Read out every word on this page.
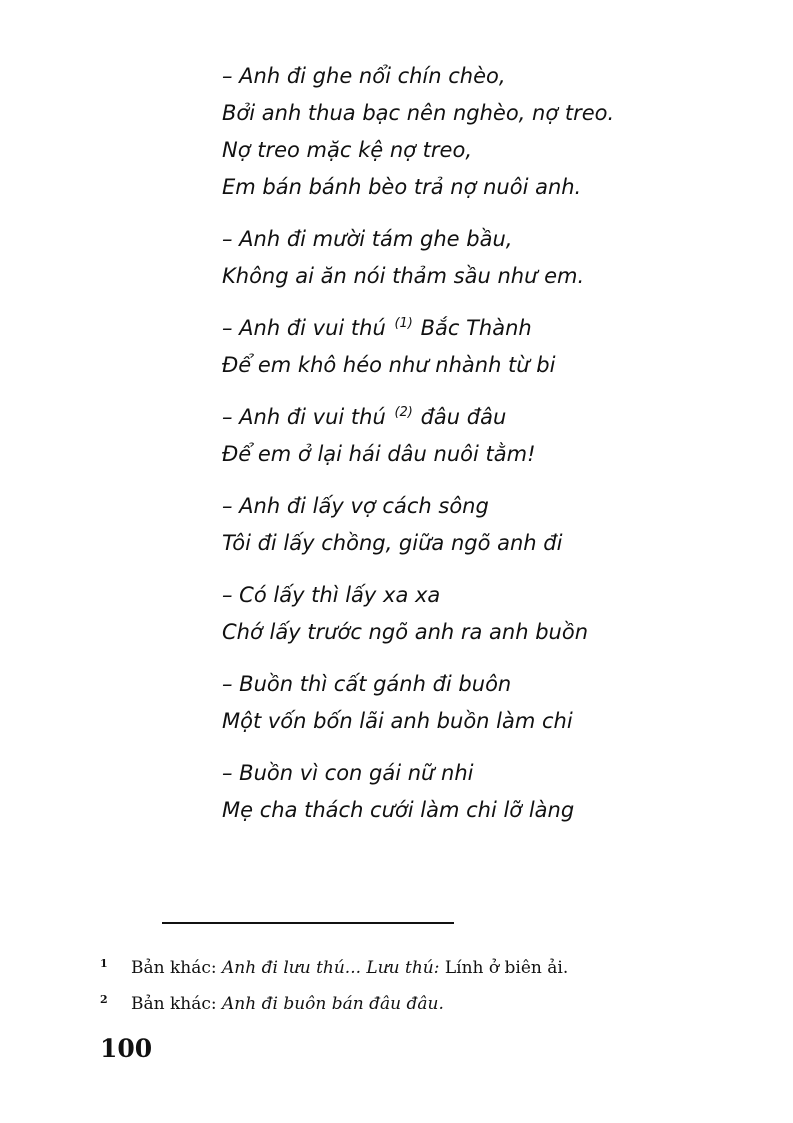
– Anh đi ghe nổi chín chèo,
Bởi anh thua bạc nên nghèo, nợ treo.
Nợ treo mặc kệ nợ treo,
Em bán bánh bèo trả nợ nuôi anh.
– Anh đi mười tám ghe bầu,
Không ai ăn nói thảm sầu như em.
– Anh đi vui thú $^{(1)}$ Bắc Thành
Để em khô héo như nhành từ bi
– Anh đi vui thú $^{(2)}$ đâu đâu
Để em ở lại hái dâu nuôi tằm!
– Anh đi lấy vợ cách sông
Tôi đi lấy chồng, giữa ngõ anh đi
– Có lấy thì lấy xa xa
Chớ lấy trước ngõ anh ra anh buồn
– Buồn thì cất gánh đi buôn
Một vốn bốn lãi anh buồn làm chi
– Buồn vì con gái nữ nhi
Mẹ cha thách cưới làm chi lỡ làng
1 Bản khác: Anh đi lưu thú... Lưu thú: Lính ở biên ải.
2 Bản khác: Anh đi buôn bán đâu đâu.
100
